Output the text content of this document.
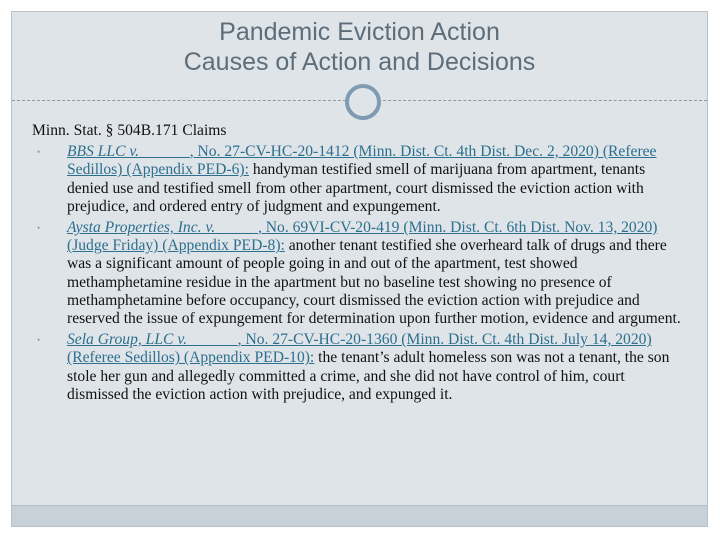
Pandemic Eviction Action
Causes of Action and Decisions
Minn. Stat. § 504B.171 Claims
• BBS LLC v. ______, No. 27-CV-HC-20-1412 (Minn. Dist. Ct. 4th Dist. Dec. 2, 2020) (Referee Sedillos) (Appendix PED-6): handyman testified smell of marijuana from apartment, tenants denied use and testified smell from other apartment, court dismissed the eviction action with prejudice, and ordered entry of judgment and expungement.
• Aysta Properties, Inc. v. _____, No. 69VI-CV-20-419 (Minn. Dist. Ct. 6th Dist. Nov. 13, 2020) (Judge Friday) (Appendix PED-8): another tenant testified she overheard talk of drugs and there was a significant amount of people going in and out of the apartment, test showed methamphetamine residue in the apartment but no baseline test showing no presence of methamphetamine before occupancy, court dismissed the eviction action with prejudice and reserved the issue of expungement for determination upon further motion, evidence and argument.
• Sela Group, LLC v. ______, No. 27-CV-HC-20-1360 (Minn. Dist. Ct. 4th Dist. July 14, 2020) (Referee Sedillos) (Appendix PED-10): the tenant’s adult homeless son was not a tenant, the son stole her gun and allegedly committed a crime, and she did not have control of him, court dismissed the eviction action with prejudice, and expunged it.
